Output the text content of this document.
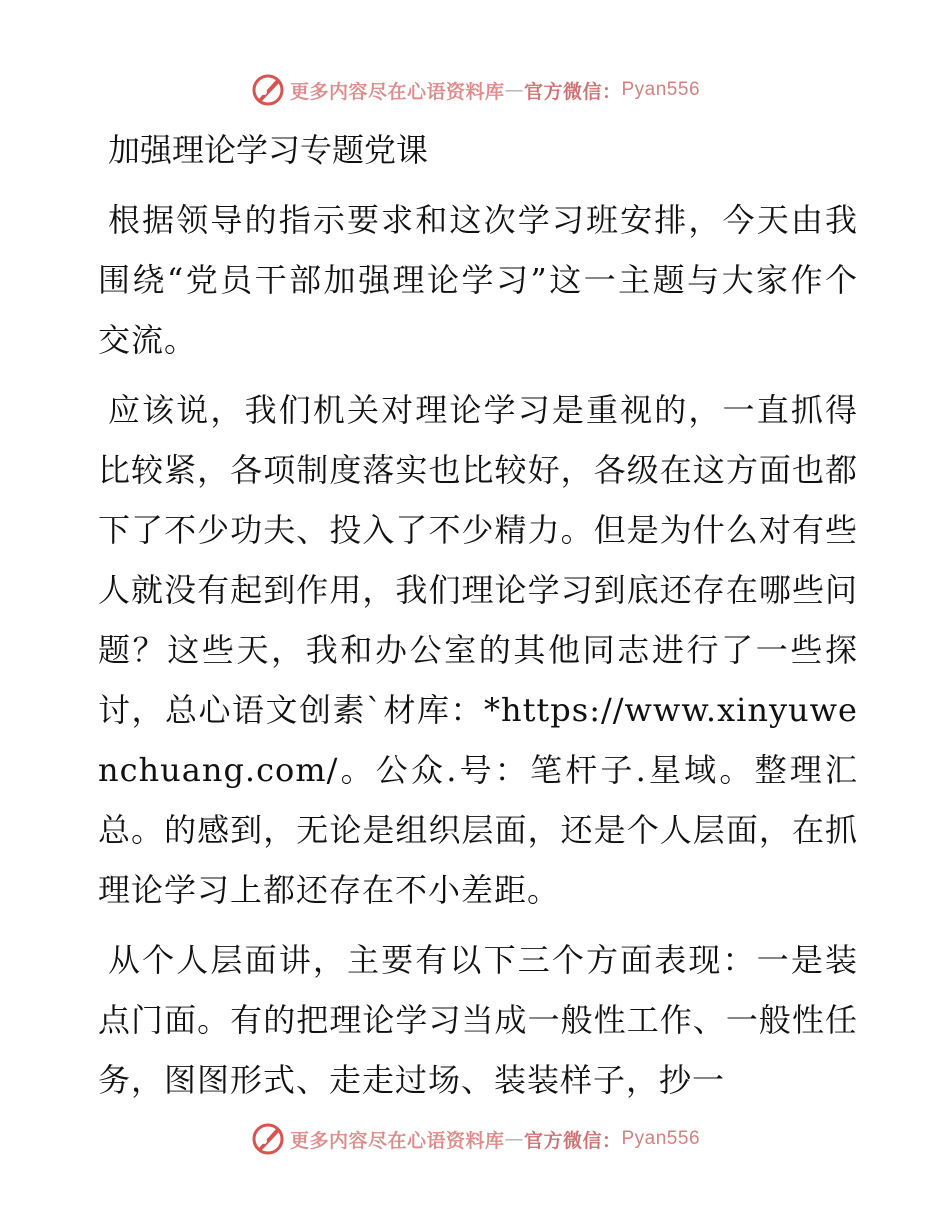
更多内容尽在心语资料库 — 官方微信： Pyan556
加强理论学习专题党课

根据领导的指示要求和这次学习班安排，今天由我围绕“党员干部加强理论学习”这一主题与大家作个交流。

应该说，我们机关对理论学习是重视的，一直抓得比较紧，各项制度落实也比较好，各级在这方面也都下了不少功夫、投入了不少精力。但是为什么对有些人就没有起到作用，我们理论学习到底还存在哪些问题？这些天，我和办公室的其他同志进行了一些探讨，总心语文创素`材库：*https://www.xinyuwenchuang.com/。公众.号：笔杆子.星域。整理汇总。的感到，无论是组织层面，还是个人层面，在抓理论学习上都还存在不小差距。

从个人层面讲，主要有以下三个方面表现：一是装点门面。有的把理论学习当成一般性工作、一般性任务，图图形式、走走过场、装装样子，抄一

更多内容尽在心语资料库 — 官方微信： Pyan556
